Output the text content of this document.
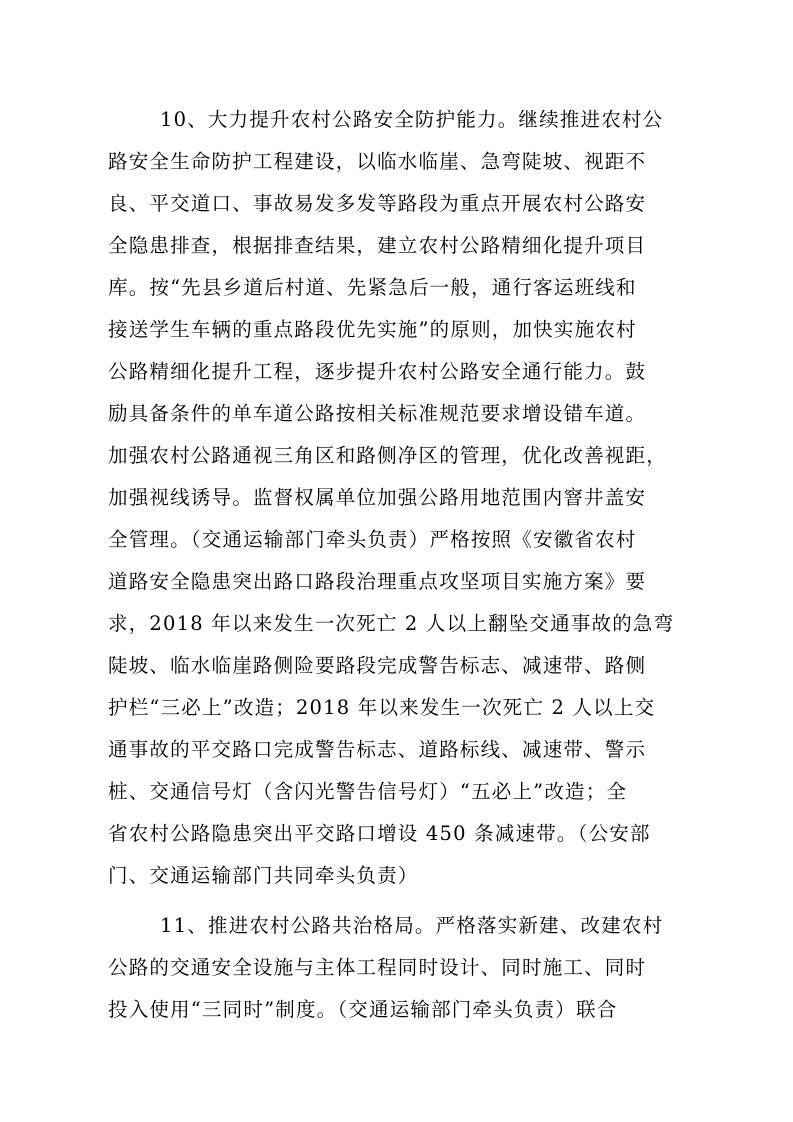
10、大力提升农村公路安全防护能力。继续推进农村公
路安全生命防护工程建设，以临水临崖、急弯陡坡、视距不
良、平交道口、事故易发多发等路段为重点开展农村公路安
全隐患排查，根据排查结果，建立农村公路精细化提升项目
库。按“先县乡道后村道、先紧急后一般，通行客运班线和
接送学生车辆的重点路段优先实施”的原则，加快实施农村
公路精细化提升工程，逐步提升农村公路安全通行能力。鼓
励具备条件的单车道公路按相关标准规范要求增设错车道。
加强农村公路通视三角区和路侧净区的管理，优化改善视距，
加强视线诱导。监督权属单位加强公路用地范围内窨井盖安
全管理。（交通运输部门牵头负责）严格按照《安徽省农村
道路安全隐患突出路口路段治理重点攻坚项目实施方案》要
求，2018 年以来发生一次死亡 2 人以上翻坠交通事故的急弯
陡坡、临水临崖路侧险要路段完成警告标志、减速带、路侧
护栏“三必上”改造；2018 年以来发生一次死亡 2 人以上交
通事故的平交路口完成警告标志、道路标线、减速带、警示
桩、交通信号灯（含闪光警告信号灯）“五必上”改造；全
省农村公路隐患突出平交路口增设 450 条减速带。（公安部
门、交通运输部门共同牵头负责）
11、推进农村公路共治格局。严格落实新建、改建农村
公路的交通安全设施与主体工程同时设计、同时施工、同时
投入使用“三同时”制度。（交通运输部门牵头负责）联合
